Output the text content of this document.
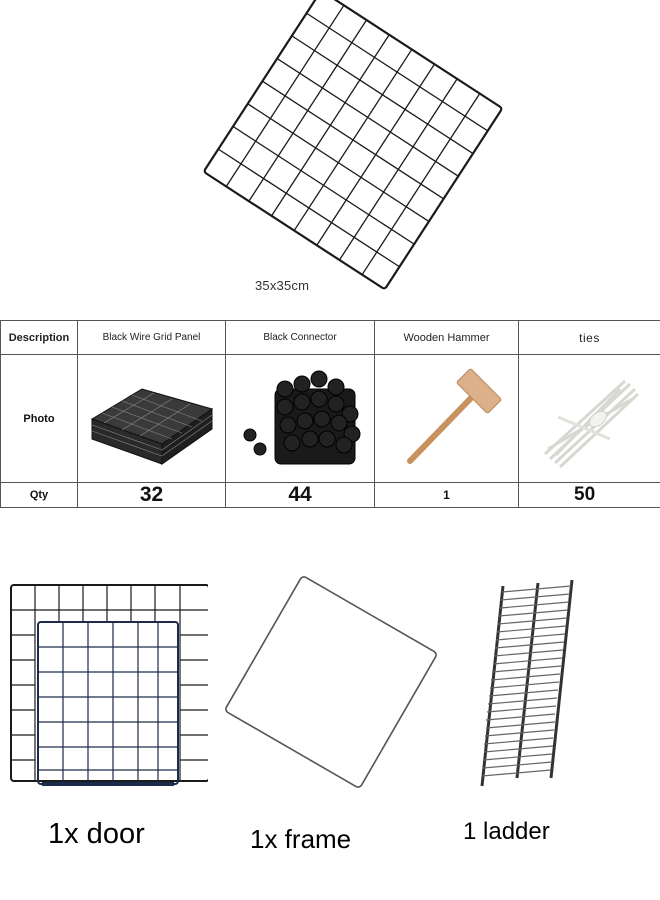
35x35cm
Description	Black Wire Grid Panel	Black Connector	Wooden Hammer	ties
Photo	

Qty	32	44	1	50
1x door	1x frame	1 ladder
